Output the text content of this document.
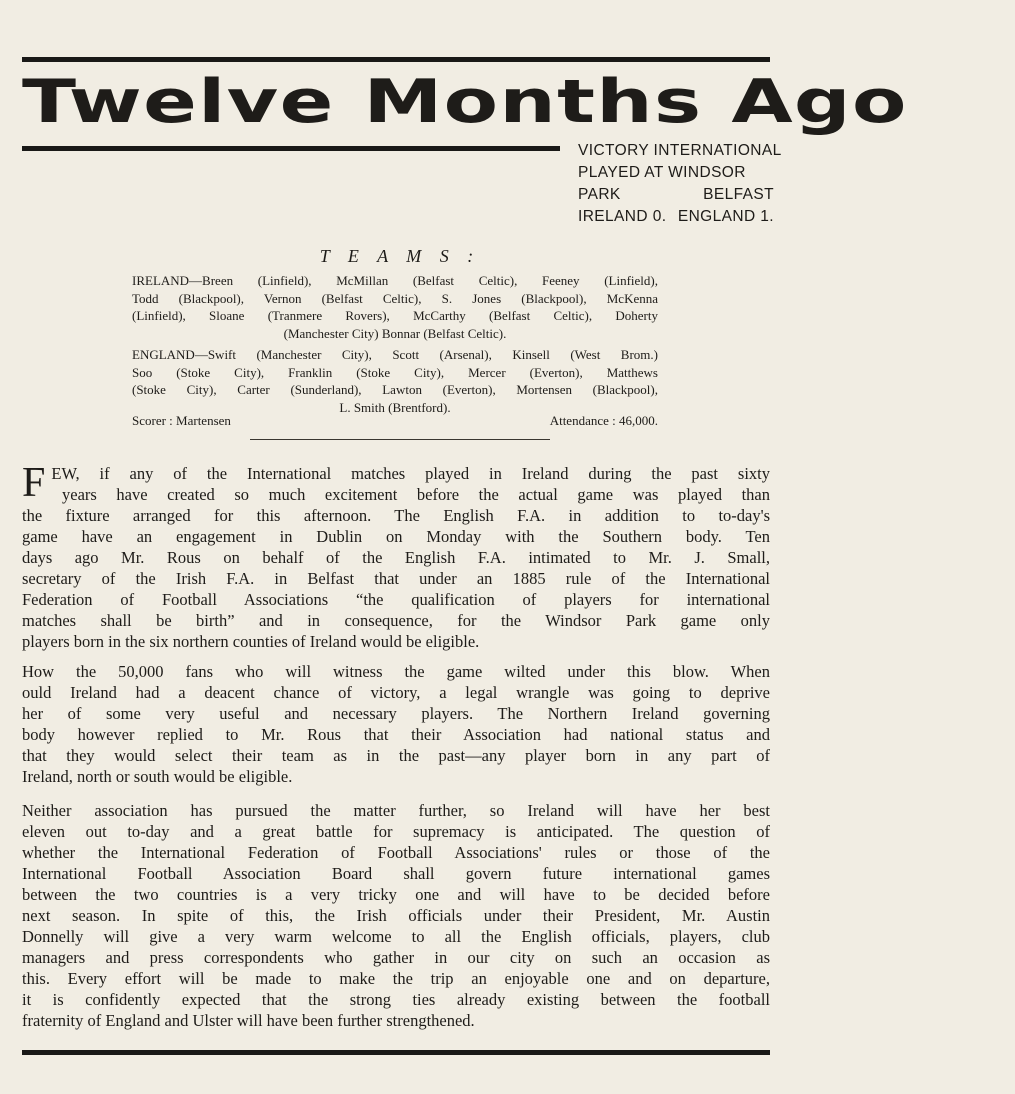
Twelve Months Ago
VICTORY INTERNATIONAL
PLAYED AT WINDSOR
PARK	BELFAST
IRELAND 0. ENGLAND 1.
T E A M S :
IRELAND—Breen (Linfield), McMillan (Belfast Celtic), Feeney (Linfield),
Todd (Blackpool), Vernon (Belfast Celtic), S. Jones (Blackpool), McKenna
(Linfield), Sloane (Tranmere Rovers), McCarthy (Belfast Celtic), Doherty
(Manchester City) Bonnar (Belfast Celtic).
ENGLAND—Swift (Manchester City), Scott (Arsenal), Kinsell (West Brom.)
Soo (Stoke City), Franklin (Stoke City), Mercer (Everton), Matthews
(Stoke City), Carter (Sunderland), Lawton (Everton), Mortensen (Blackpool),
L. Smith (Brentford).
Scorer : Martensen	Attendance : 46,000.
F EW, if any of the International matches played in Ireland during the past sixty
years have created so much excitement before the actual game was played than
the fixture arranged for this afternoon. The English F.A. in addition to to-day's
game have an engagement in Dublin on Monday with the Southern body. Ten
days ago Mr. Rous on behalf of the English F.A. intimated to Mr. J. Small,
secretary of the Irish F.A. in Belfast that under an 1885 rule of the International
Federation of Football Associations “the qualification of players for international
matches shall be birth” and in consequence, for the Windsor Park game only
players born in the six northern counties of Ireland would be eligible.
How the 50,000 fans who will witness the game wilted under this blow. When
ould Ireland had a deacent chance of victory, a legal wrangle was going to deprive
her of some very useful and necessary players. The Northern Ireland governing
body however replied to Mr. Rous that their Association had national status and
that they would select their team as in the past—any player born in any part of
Ireland, north or south would be eligible.
Neither association has pursued the matter further, so Ireland will have her best
eleven out to-day and a great battle for supremacy is anticipated. The question of
whether the International Federation of Football Associations' rules or those of the
International Football Association Board shall govern future international games
between the two countries is a very tricky one and will have to be decided before
next season. In spite of this, the Irish officials under their President, Mr. Austin
Donnelly will give a very warm welcome to all the English officials, players, club
managers and press correspondents who gather in our city on such an occasion as
this. Every effort will be made to make the trip an enjoyable one and on departure,
it is confidently expected that the strong ties already existing between the football
fraternity of England and Ulster will have been further strengthened.
